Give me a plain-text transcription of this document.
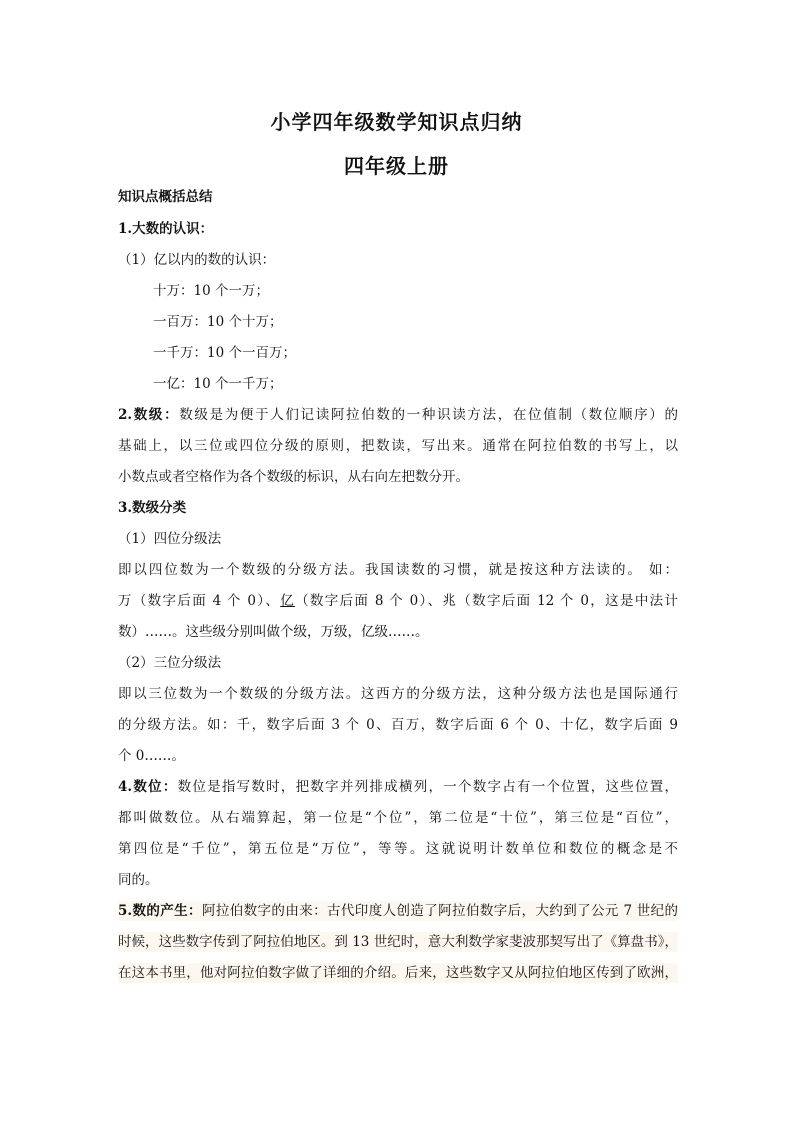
小学四年级数学知识点归纳
四年级上册
知识点概括总结
1.大数的认识：
（1）亿以内的数的认识：
十万：10 个一万；
一百万：10 个十万；
一千万：10 个一百万；
一亿：10 个一千万；
2.数级：数级是为便于人们记读阿拉伯数的一种识读方法，在位值制（数位顺序）的
基础上，以三位或四位分级的原则，把数读，写出来。通常在阿拉伯数的书写上，以
小数点或者空格作为各个数级的标识，从右向左把数分开。
3.数级分类
（1）四位分级法
即以四位数为一个数级的分级方法。我国读数的习惯，就是按这种方法读的。 如：
万（数字后面 4 个 0）、亿（数字后面 8 个 0）、兆（数字后面 12 个 0，这是中法计
数）……。这些级分别叫做个级，万级，亿级……。
（2）三位分级法
即以三位数为一个数级的分级方法。这西方的分级方法，这种分级方法也是国际通行
的分级方法。如：千，数字后面 3 个 0、百万，数字后面 6 个 0、十亿，数字后面 9
个 0……。
4.数位：数位是指写数时，把数字并列排成横列，一个数字占有一个位置，这些位置，
都叫做数位。从右端算起，第一位是“个位”，第二位是“十位”，第三位是“百位”，
第四位是“千位”，第五位是“万位”，等等。这就说明计数单位和数位的概念是不
同的。
5.数的产生：阿拉伯数字的由来：古代印度人创造了阿拉伯数字后，大约到了公元 7 世纪的
时候，这些数字传到了阿拉伯地区。到 13 世纪时，意大利数学家斐波那契写出了《算盘书》，
在这本书里，他对阿拉伯数字做了详细的介绍。后来，这些数字又从阿拉伯地区传到了欧洲，
